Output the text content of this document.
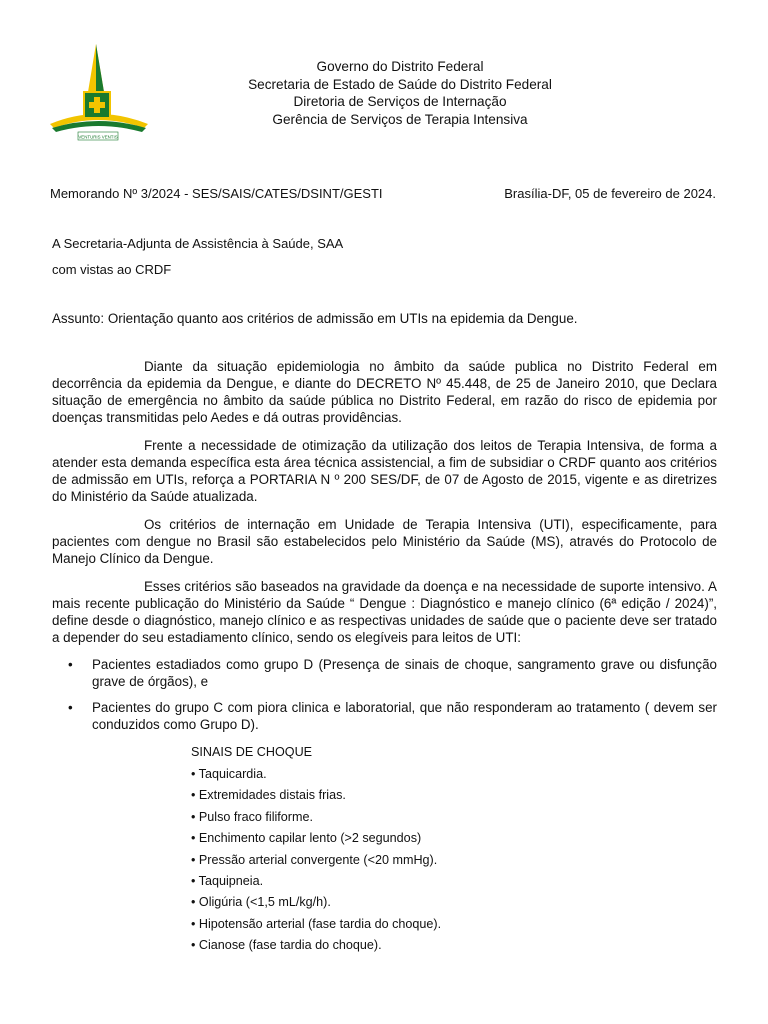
VENTURIS VENTIS
Governo do Distrito Federal
Secretaria de Estado de Saúde do Distrito Federal
Diretoria de Serviços de Internação
Gerência de Serviços de Terapia Intensiva
Memorando Nº 3/2024 - SES/SAIS/CATES/DSINT/GESTI	Brasília-DF, 05 de fevereiro de 2024.
A Secretaria-Adjunta de Assistência à Saúde, SAA
com vistas ao CRDF
Assunto: Orientação quanto aos critérios de admissão em UTIs na epidemia da Dengue.

Diante da situação epidemiologia no âmbito da saúde publica no Distrito Federal em decorrência da epidemia da Dengue, e diante do DECRETO Nº 45.448, de 25 de Janeiro 2010, que Declara situação de emergência no âmbito da saúde pública no Distrito Federal, em razão do risco de epidemia por doenças transmitidas pelo Aedes e dá outras providências.

Frente a necessidade de otimização da utilização dos leitos de Terapia Intensiva, de forma a atender esta demanda específica esta área técnica assistencial, a fim de subsidiar o CRDF quanto aos critérios de admissão em UTIs, reforça a PORTARIA N º 200 SES/DF, de 07 de Agosto de 2015, vigente e as diretrizes do Ministério da Saúde atualizada.

Os critérios de internação em Unidade de Terapia Intensiva (UTI), especificamente, para pacientes com dengue no Brasil são estabelecidos pelo Ministério da Saúde (MS), através do Protocolo de Manejo Clínico da Dengue.

Esses critérios são baseados na gravidade da doença e na necessidade de suporte intensivo. A mais recente publicação do Ministério da Saúde “ Dengue : Diagnóstico e manejo clínico (6ª edição / 2024)”, define desde o diagnóstico, manejo clínico e as respectivas unidades de saúde que o paciente deve ser tratado a depender do seu estadiamento clínico, sendo os elegíveis para leitos de UTI:

•	Pacientes estadiados como grupo D (Presença de sinais de choque, sangramento grave ou disfunção grave de órgãos), e
•	Pacientes do grupo C com piora clinica e laboratorial, que não responderam ao tratamento ( devem ser conduzidos como Grupo D).
SINAIS DE CHOQUE
• Taquicardia.
• Extremidades distais frias.
• Pulso fraco filiforme.
• Enchimento capilar lento (>2 segundos)
• Pressão arterial convergente (<20 mmHg).
• Taquipneia.
• Oligúria (<1,5 mL/kg/h).
• Hipotensão arterial (fase tardia do choque).
• Cianose (fase tardia do choque).
